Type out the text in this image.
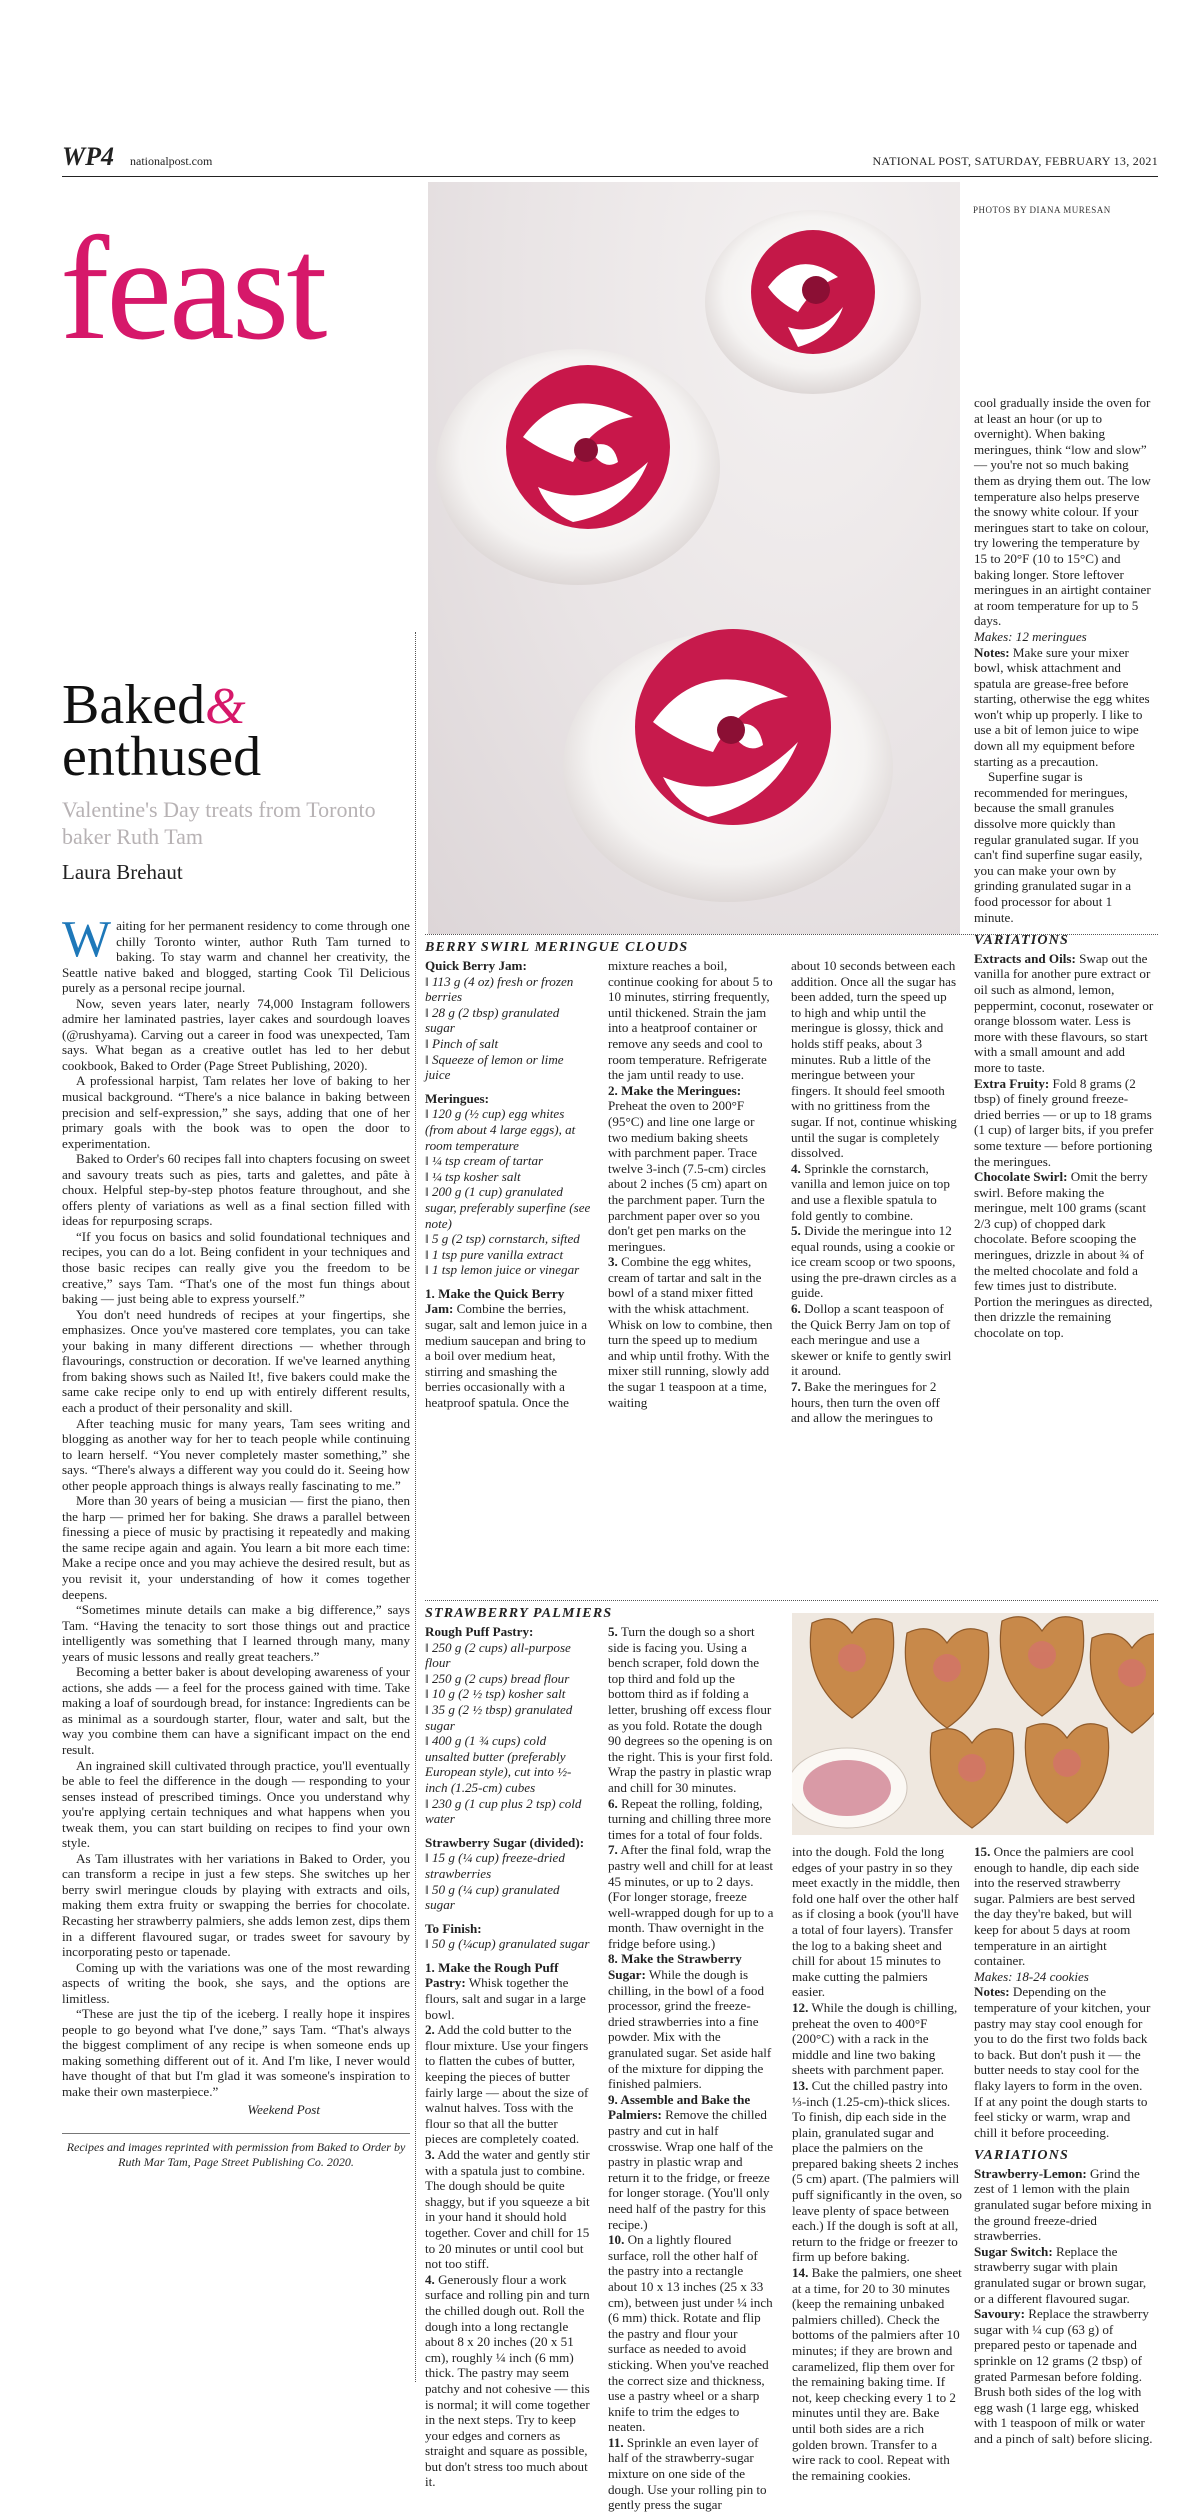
WP4 nationalpost.com	NATIONAL POST, SATURDAY, FEBRUARY 13, 2021
feast	PHOTOS BY DIANA MURESAN
Baked&
enthused
Valentine's Day treats from Toronto baker Ruth Tam
Laura Brehaut

Waiting for her permanent residency to come through one chilly Toronto winter, author Ruth Tam turned to baking. To stay warm and channel her creativity, the Seattle native baked and blogged, starting Cook Til Delicious purely as a personal recipe journal.

Now, seven years later, nearly 74,000 Instagram followers admire her laminated pastries, layer cakes and sourdough loaves (@rushyama). Carving out a career in food was unexpected, Tam says. What began as a creative outlet has led to her debut cookbook, Baked to Order (Page Street Publishing, 2020).

A professional harpist, Tam relates her love of baking to her musical background. “There's a nice balance in baking between precision and self-expression,” she says, adding that one of her primary goals with the book was to open the door to experimentation.

Baked to Order's 60 recipes fall into chapters focusing on sweet and savoury treats such as pies, tarts and galettes, and pâte à choux. Helpful step-by-step photos feature throughout, and she offers plenty of variations as well as a final section filled with ideas for repurposing scraps.

“If you focus on basics and solid foundational techniques and recipes, you can do a lot. Being confident in your techniques and those basic recipes can really give you the freedom to be creative,” says Tam. “That's one of the most fun things about baking — just being able to express yourself.”

You don't need hundreds of recipes at your fingertips, she emphasizes. Once you've mastered core templates, you can take your baking in many different directions — whether through flavourings, construction or decoration. If we've learned anything from baking shows such as Nailed It!, five bakers could make the same cake recipe only to end up with entirely different results, each a product of their personality and skill.

After teaching music for many years, Tam sees writing and blogging as another way for her to teach people while continuing to learn herself. “You never completely master something,” she says. “There's always a different way you could do it. Seeing how other people approach things is always really fascinating to me.”

More than 30 years of being a musician — first the piano, then the harp — primed her for baking. She draws a parallel between finessing a piece of music by practising it repeatedly and making the same recipe again and again. You learn a bit more each time: Make a recipe once and you may achieve the desired result, but as you revisit it, your understanding of how it comes together deepens.

“Sometimes minute details can make a big difference,” says Tam. “Having the tenacity to sort those things out and practice intelligently was something that I learned through many, many years of music lessons and really great teachers.”

Becoming a better baker is about developing awareness of your actions, she adds — a feel for the process gained with time. Take making a loaf of sourdough bread, for instance: Ingredients can be as minimal as a sourdough starter, flour, water and salt, but the way you combine them can have a significant impact on the end result.

An ingrained skill cultivated through practice, you'll eventually be able to feel the difference in the dough — responding to your senses instead of prescribed timings. Once you understand why you're applying certain techniques and what happens when you tweak them, you can start building on recipes to find your own style.

As Tam illustrates with her variations in Baked to Order, you can transform a recipe in just a few steps. She switches up her berry swirl meringue clouds by playing with extracts and oils, making them extra fruity or swapping the berries for chocolate. Recasting her strawberry palmiers, she adds lemon zest, dips them in a different flavoured sugar, or trades sweet for savoury by incorporating pesto or tapenade.

Coming up with the variations was one of the most rewarding aspects of writing the book, she says, and the options are limitless.

“These are just the tip of the iceberg. I really hope it inspires people to go beyond what I've done,” says Tam. “That's always the biggest compliment of any recipe is when someone ends up making something different out of it. And I'm like, I never would have thought of that but I'm glad it was someone's inspiration to make their own masterpiece.”

Weekend Post

Recipes and images reprinted with permission from Baked to Order by Ruth Mar Tam, Page Street Publishing Co. 2020.
BERRY SWIRL MERINGUE CLOUDS

Quick Berry Jam:

‖ 113 g (4 oz) fresh or frozen berries

‖ 28 g (2 tbsp) granulated sugar

‖ Pinch of salt

‖ Squeeze of lemon or lime juice

Meringues:

‖ 120 g (½ cup) egg whites (from about 4 large eggs), at room temperature

‖ ¼ tsp cream of tartar

‖ ¼ tsp kosher salt

‖ 200 g (1 cup) granulated sugar, preferably superfine (see note)

‖ 5 g (2 tsp) cornstarch, sifted

‖ 1 tsp pure vanilla extract

‖ 1 tsp lemon juice or vinegar

1. Make the Quick Berry Jam: Combine the berries, sugar, salt and lemon juice in a medium saucepan and bring to a boil over medium heat, stirring and smashing the berries occasionally with a heatproof spatula. Once the

mixture reaches a boil, continue cooking for about 5 to 10 minutes, stirring frequently, until thickened. Strain the jam into a heatproof container or remove any seeds and cool to room temperature. Refrigerate the jam until ready to use.

2. Make the Meringues: Preheat the oven to 200°F (95°C) and line one large or two medium baking sheets with parchment paper. Trace twelve 3-inch (7.5-cm) circles about 2 inches (5 cm) apart on the parchment paper. Turn the parchment paper over so you don't get pen marks on the meringues.

3. Combine the egg whites, cream of tartar and salt in the bowl of a stand mixer fitted with the whisk attachment. Whisk on low to combine, then turn the speed up to medium and whip until frothy. With the mixer still running, slowly add the sugar 1 teaspoon at a time, waiting

about 10 seconds between each addition. Once all the sugar has been added, turn the speed up to high and whip until the meringue is glossy, thick and holds stiff peaks, about 3 minutes. Rub a little of the meringue between your fingers. It should feel smooth with no grittiness from the sugar. If not, continue whisking until the sugar is completely dissolved.

4. Sprinkle the cornstarch, vanilla and lemon juice on top and use a flexible spatula to fold gently to combine.

5. Divide the meringue into 12 equal rounds, using a cookie or ice cream scoop or two spoons, using the pre-drawn circles as a guide.

6. Dollop a scant teaspoon of the Quick Berry Jam on top of each meringue and use a skewer or knife to gently swirl it around.

7. Bake the meringues for 2 hours, then turn the oven off and allow the meringues to

cool gradually inside the oven for at least an hour (or up to overnight). When baking meringues, think “low and slow” — you're not so much baking them as drying them out. The low temperature also helps preserve the snowy white colour. If your meringues start to take on colour, try lowering the temperature by 15 to 20°F (10 to 15°C) and baking longer. Store leftover meringues in an airtight container at room temperature for up to 5 days.

Makes: 12 meringues

Notes: Make sure your mixer bowl, whisk attachment and spatula are grease-free before starting, otherwise the egg whites won't whip up properly. I like to use a bit of lemon juice to wipe down all my equipment before starting as a precaution.

Superfine sugar is recommended for meringues, because the small granules dissolve more quickly than regular granulated sugar. If you can't find superfine sugar easily, you can make your own by grinding granulated sugar in a food processor for about 1 minute.

VARIATIONS

Extracts and Oils: Swap out the vanilla for another pure extract or oil such as almond, lemon, peppermint, coconut, rosewater or orange blossom water. Less is more with these flavours, so start with a small amount and add more to taste.

Extra Fruity: Fold 8 grams (2 tbsp) of finely ground freeze-dried berries — or up to 18 grams (1 cup) of larger bits, if you prefer some texture — before portioning the meringues.

Chocolate Swirl: Omit the berry swirl. Before making the meringue, melt 100 grams (scant 2/3 cup) of chopped dark chocolate. Before scooping the meringues, drizzle in about ¾ of the melted chocolate and fold a few times just to distribute. Portion the meringues as directed, then drizzle the remaining chocolate on top.

STRAWBERRY PALMIERS

Rough Puff Pastry:

‖ 250 g (2 cups) all-purpose flour

‖ 250 g (2 cups) bread flour

‖ 10 g (2 ½ tsp) kosher salt

‖ 35 g (2 ½ tbsp) granulated sugar

‖ 400 g (1 ¾ cups) cold unsalted butter (preferably European style), cut into ½-inch (1.25-cm) cubes

‖ 230 g (1 cup plus 2 tsp) cold water

Strawberry Sugar (divided):

‖ 15 g (¼ cup) freeze-dried strawberries

‖ 50 g (¼ cup) granulated sugar

To Finish:

‖ 50 g (¼cup) granulated sugar

1. Make the Rough Puff Pastry: Whisk together the flours, salt and sugar in a large bowl.

2. Add the cold butter to the flour mixture. Use your fingers to flatten the cubes of butter, keeping the pieces of butter fairly large — about the size of walnut halves. Toss with the flour so that all the butter pieces are completely coated.

3. Add the water and gently stir with a spatula just to combine. The dough should be quite shaggy, but if you squeeze a bit in your hand it should hold together. Cover and chill for 15 to 20 minutes or until cool but not too stiff.

4. Generously flour a work surface and rolling pin and turn the chilled dough out. Roll the dough into a long rectangle about 8 x 20 inches (20 x 51 cm), roughly ¼ inch (6 mm) thick. The pastry may seem patchy and not cohesive — this is normal; it will come together in the next steps. Try to keep your edges and corners as straight and square as possible, but don't stress too much about it.

5. Turn the dough so a short side is facing you. Using a bench scraper, fold down the top third and fold up the bottom third as if folding a letter, brushing off excess flour as you fold. Rotate the dough 90 degrees so the opening is on the right. This is your first fold. Wrap the pastry in plastic wrap and chill for 30 minutes.

6. Repeat the rolling, folding, turning and chilling three more times for a total of four folds.

7. After the final fold, wrap the pastry well and chill for at least 45 minutes, or up to 2 days. (For longer storage, freeze well-wrapped dough for up to a month. Thaw overnight in the fridge before using.)

8. Make the Strawberry Sugar: While the dough is chilling, in the bowl of a food processor, grind the freeze-dried strawberries into a fine powder. Mix with the granulated sugar. Set aside half of the mixture for dipping the finished palmiers.

9. Assemble and Bake the Palmiers: Remove the chilled pastry and cut in half crosswise. Wrap one half of the pastry in plastic wrap and return it to the fridge, or freeze for longer storage. (You'll only need half of the pastry for this recipe.)

10. On a lightly floured surface, roll the other half of the pastry into a rectangle about 10 x 13 inches (25 x 33 cm), between just under ¼ inch (6 mm) thick. Rotate and flip the pastry and flour your surface as needed to avoid sticking. When you've reached the correct size and thickness, use a pastry wheel or a sharp knife to trim the edges to neaten.

11. Sprinkle an even layer of half of the strawberry-sugar mixture on one side of the dough. Use your rolling pin to gently press the sugar

into the dough. Fold the long edges of your pastry in so they meet exactly in the middle, then fold one half over the other half as if closing a book (you'll have a total of four layers). Transfer the log to a baking sheet and chill for about 15 minutes to make cutting the palmiers easier.

12. While the dough is chilling, preheat the oven to 400°F (200°C) with a rack in the middle and line two baking sheets with parchment paper.

13. Cut the chilled pastry into ⅓-inch (1.25-cm)-thick slices. To finish, dip each side in the plain, granulated sugar and place the palmiers on the prepared baking sheets 2 inches (5 cm) apart. (The palmiers will puff significantly in the oven, so leave plenty of space between each.) If the dough is soft at all, return to the fridge or freezer to firm up before baking.

14. Bake the palmiers, one sheet at a time, for 20 to 30 minutes (keep the remaining unbaked palmiers chilled). Check the bottoms of the palmiers after 10 minutes; if they are brown and caramelized, flip them over for the remaining baking time. If not, keep checking every 1 to 2 minutes until they are. Bake until both sides are a rich golden brown. Transfer to a wire rack to cool. Repeat with the remaining cookies.

15. Once the palmiers are cool enough to handle, dip each side into the reserved strawberry sugar. Palmiers are best served the day they're baked, but will keep for about 5 days at room temperature in an airtight container.

Makes: 18-24 cookies

Notes: Depending on the temperature of your kitchen, your pastry may stay cool enough for you to do the first two folds back to back. But don't push it — the butter needs to stay cool for the flaky layers to form in the oven. If at any point the dough starts to feel sticky or warm, wrap and chill it before proceeding.

VARIATIONS

Strawberry-Lemon: Grind the zest of 1 lemon with the plain granulated sugar before mixing in the ground freeze-dried strawberries.

Sugar Switch: Replace the strawberry sugar with plain granulated sugar or brown sugar, or a different flavoured sugar.

Savoury: Replace the strawberry sugar with ¼ cup (63 g) of prepared pesto or tapenade and sprinkle on 12 grams (2 tbsp) of grated Parmesan before folding. Brush both sides of the log with egg wash (1 large egg, whisked with 1 teaspoon of milk or water and a pinch of salt) before slicing.
